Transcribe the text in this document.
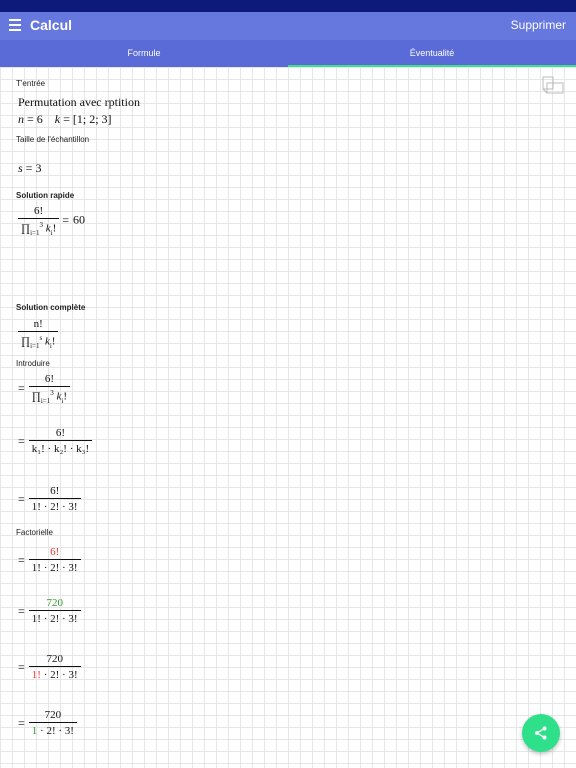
Calcul	Supprimer
Formule	Éventualité
T'entrée
Permutation avec rptition
n = 6 k = [1; 2; 3]
Taille de l'échantillon
s = 3
Solution rapide
$\frac{6!}{\prod_{i=1}^3 k_i!} = 60$
Solution complète
$\frac{n!}{\prod_{i=1}^s k_i!}$
Introduire
= $\frac{6!}{\prod_{i=1}^3 k_i!}$
= $\frac{6!}{\text{k₁! · k₂! · k₃!}}$
= $\frac{6!}{1! \cdot 2! \cdot 3!}$
Factorielle
= $\frac{6!}{1! \cdot 2! \cdot 3!}$
= $\frac{720}{1! \cdot 2! \cdot 3!}$
= $\frac{720}{1! \cdot 2! \cdot 3!}$
= $\frac{720}{1 \cdot 2! \cdot 3!}$
